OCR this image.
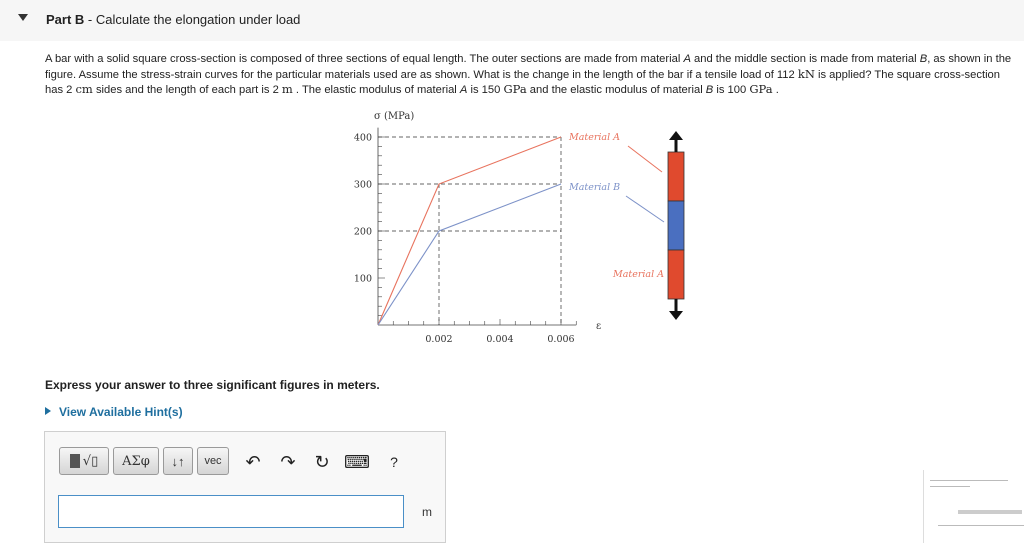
Part B - Calculate the elongation under load
A bar with a solid square cross-section is composed of three sections of equal length. The outer sections are made from material A and the middle section is made from material B, as shown in the figure. Assume the stress-strain curves for the particular materials used are as shown. What is the change in the length of the bar if a tensile load of 112 kN is applied? The square cross-section has 2 cm sides and the length of each part is 2 m . The elastic modulus of material A is 150 GPa and the elastic modulus of material B is 100 GPa .
σ (MPa)
ε
400
300
200
100
0.002	0.004	0.006
Material A
Material B
Material A
Express your answer to three significant figures in meters.
View Available Hint(s)
√▯	ΑΣφ	↓↑	vec	↶ ↷ ↻ ⌨	?
m
